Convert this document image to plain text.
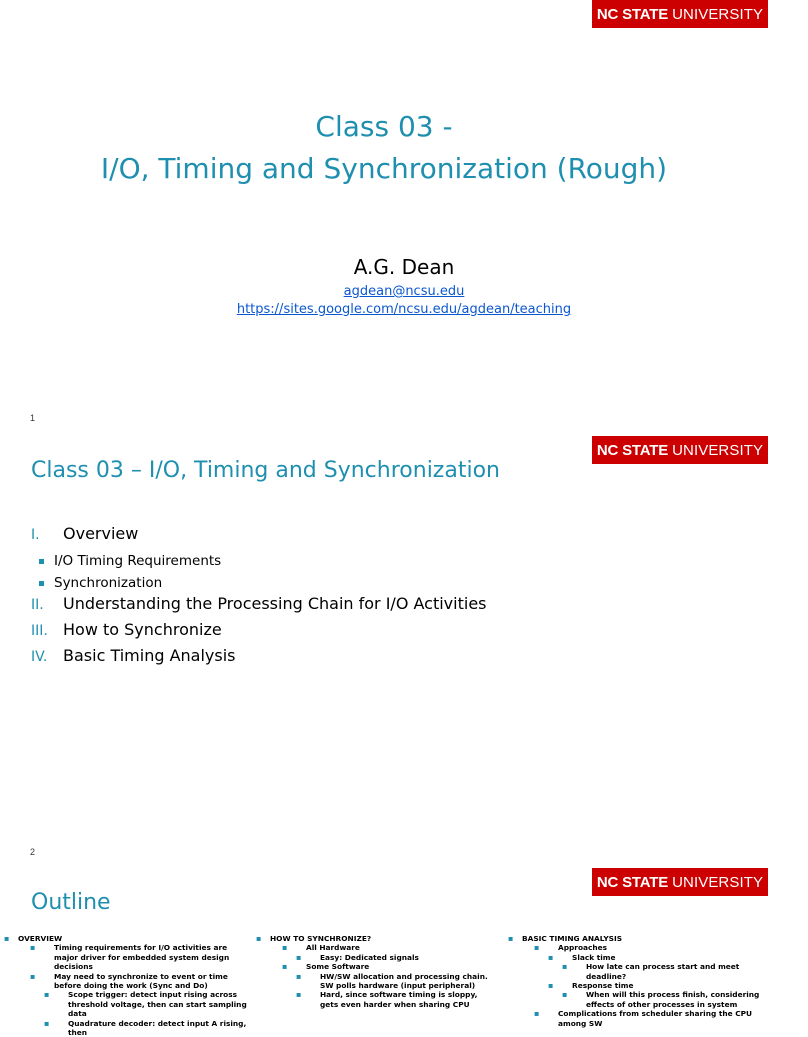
NC STATE UNIVERSITY
Class 03 -
I/O, Timing and Synchronization (Rough)
A.G. Dean
agdean@ncsu.edu
https://sites.google.com/ncsu.edu/agdean/teaching
1
NC STATE UNIVERSITY
Class 03 – I/O, Timing and Synchronization
I.	Overview
I/O Timing Requirements
Synchronization
II.	Understanding the Processing Chain for I/O Activities
III. How to Synchronize
IV. Basic Timing Analysis
2
NC STATE UNIVERSITY
Outline
▪	OVERVIEW
▪	Timing requirements for I/O activities are major driver for embedded system design decisions
▪	May need to synchronize to event or time before doing the work (Sync and Do)
▪	Scope trigger: detect input rising across threshold voltage, then can start sampling data
▪	Quadrature decoder: detect input A rising, then
▪	HOW TO SYNCHRONIZE?
▪	All Hardware
▪	Easy: Dedicated signals
▪	Some Software
▪	HW/SW allocation and processing chain. SW polls hardware (input peripheral)
▪	Hard, since software timing is sloppy, gets even harder when sharing CPU
▪	BASIC TIMING ANALYSIS
▪	Approaches
▪	Slack time
▪	How late can process start and meet deadline?
▪	Response time
▪	When will this process finish, considering effects of other processes in system
▪	Complications from scheduler sharing the CPU among SW
